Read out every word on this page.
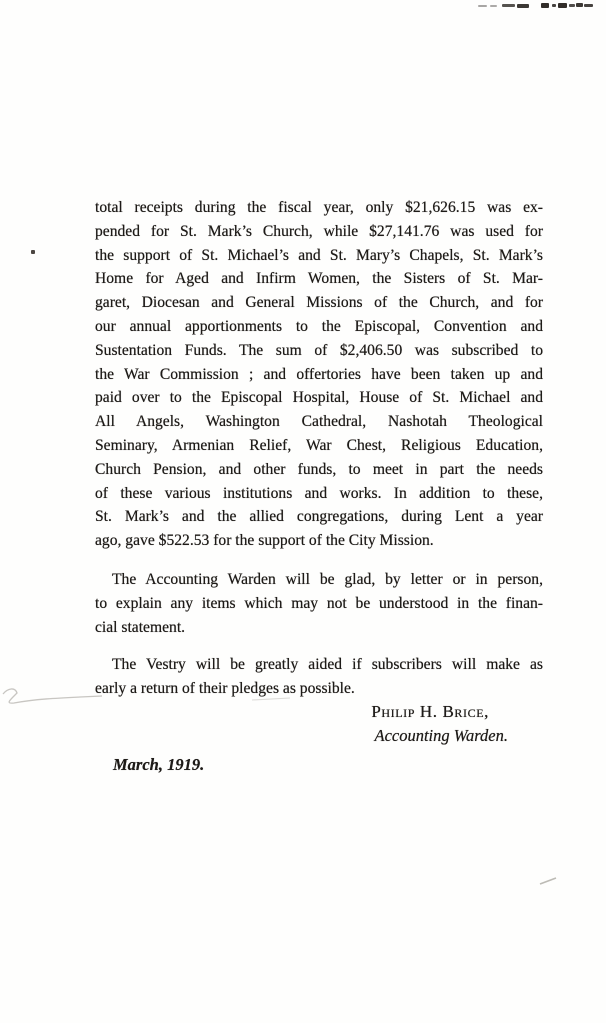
total receipts during the fiscal year, only $21,626.15 was ex-
pended for St. Mark’s Church, while $27,141.76 was used for
the support of St. Michael’s and St. Mary’s Chapels, St. Mark’s
Home for Aged and Infirm Women, the Sisters of St. Mar-
garet, Diocesan and General Missions of the Church, and for
our annual apportionments to the Episcopal, Convention and
Sustentation Funds. The sum of $2,406.50 was subscribed to
the War Commission ; and offertories have been taken up and
paid over to the Episcopal Hospital, House of St. Michael and
All Angels, Washington Cathedral, Nashotah Theological
Seminary, Armenian Relief, War Chest, Religious Education,
Church Pension, and other funds, to meet in part the needs
of these various institutions and works. In addition to these,
St. Mark’s and the allied congregations, during Lent a year
ago, gave $522.53 for the support of the City Mission.
The Accounting Warden will be glad, by letter or in person,
to explain any items which may not be understood in the finan-
cial statement.
The Vestry will be greatly aided if subscribers will make as
early a return of their pledges as possible.
Philip H. Brice,
Accounting Warden.
March, 1919.
